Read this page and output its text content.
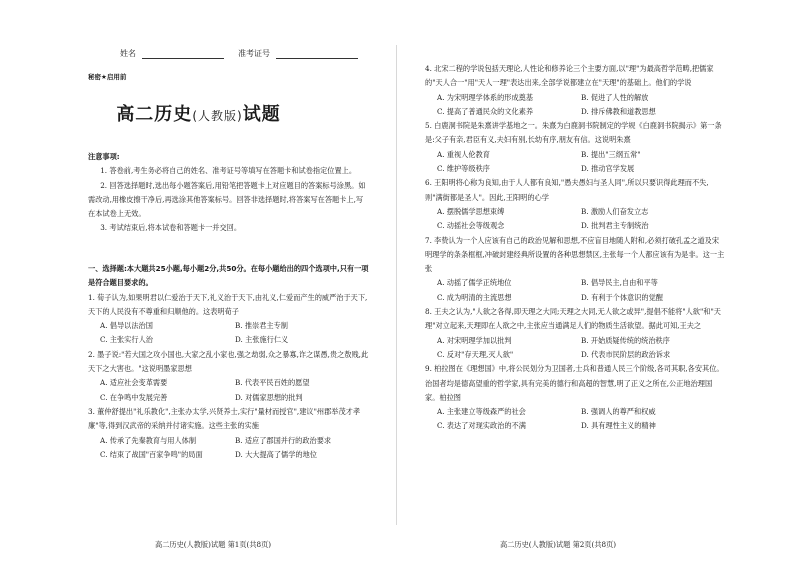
姓名	准考证号
秘密★启用前
高二历史(人教版)试题
注意事项:

1. 答卷前,考生务必将自己的姓名、准考证号等填写在答题卡和试卷指定位置上。

2. 回答选择题时,选出每小题答案后,用铅笔把答题卡上对应题目的答案标号涂黑。如需改动,用橡皮擦干净后,再选涂其他答案标号。回答非选择题时,将答案写在答题卡上,写在本试卷上无效。

3. 考试结束后,将本试卷和答题卡一并交回。

一、选择题:本大题共25小题,每小题2分,共50分。在每小题给出的四个选项中,只有一项是符合题目要求的。

1. 荀子认为,如果明君以仁爱治于天下,礼义治于天下,由礼义,仁爱而产生的威严治于天下,天下的人民没有不尊重和归顺他的。这表明荀子

A. 倡导以法治国	B. 推崇君主专制
C. 主张实行人治	D. 主张施行仁义

2. 墨子说:"若大国之攻小国也,大家之乱小家也,强之劫弱,众之暴寡,诈之谋愚,贵之敖贱,此天下之大害也。"这说明墨家思想

A. 适应社会变革需要	B. 代表平民百姓的愿望
C. 在争鸣中发展完善	D. 对儒家思想的批判

3. 董仲舒提出"礼乐教化",主张办太学,兴贤养士,实行"量材而授官",建议"州郡举茂才孝廉"等,得到汉武帝的采纳并付诸实施。这些主张的实施

A. 传承了先秦教育与用人体制	B. 适应了郡国并行的政治要求
C. 结束了战国"百家争鸣"的局面	D. 大大提高了儒学的地位
高二历史(人教版)试题 第1页(共8页)

4. 北宋二程的学说包括天理论,人性论和修养论三个主要方面,以"理"为最高哲学范畴,把儒家的"天人合一"用"天人一理"表达出来,全部学说都建立在"天理"的基础上。他们的学说

A. 为宋明理学体系的形成奠基	B. 促进了人性的解放
C. 提高了普通民众的文化素养	D. 排斥佛教和道教思想

5. 白鹿洞书院是朱熹讲学基地之一。朱熹为白鹿洞书院制定的学规《白鹿洞书院揭示》第一条是:父子有亲,君臣有义,夫妇有别,长幼有序,朋友有信。这说明朱熹

A. 重视人伦教育	B. 提出"三纲五常"
C. 维护等级秩序	D. 推动官学发展

6. 王阳明将心称为良知,由于人人都有良知,"愚夫愚妇与圣人同",所以只要识得此理而不失,则"满街都是圣人"。因此,王阳明的心学

A. 摆脱儒学思想束缚	B. 激励人们奋发立志
C. 动摇社会等级观念	D. 批判君主专制统治

7. 李贽认为一个人应该有自己的政治见解和思想,不应盲目地随人附和,必须打破孔孟之道及宋明理学的条条框框,冲破封建经典所设置的各种思想禁区,主张每一个人都应该有为是非。这一主张

A. 动摇了儒学正统地位	B. 倡导民主,自由和平等
C. 成为明清的主流思想	D. 有利于个体意识的觉醒

8. 王夫之认为,"人欲之各得,即天理之大同;天理之大同,无人欲之或异",提倡不能将"人欲"和"天理"对立起来,天理即在人欲之中,主张应当通满足人们的物质生活欲望。据此可知,王夫之

A. 对宋明理学加以批判	B. 开始质疑传统的统治秩序
C. 反对"存天理,灭人欲"	D. 代表市民阶层的政治诉求

9. 柏拉图在《理想国》中,将公民划分为卫国者,士兵和普通人民三个阶级,各司其职,各安其位。治国者均是德高望重的哲学家,具有完美的德行和高超的智慧,明了正义之所在,公正地治理国家。柏拉图

A. 主张建立等级森严的社会	B. 强调人的尊严和权威
C. 表达了对现实政治的不满	D. 具有理性主义的精神
高二历史(人教版)试题 第2页(共8页)
